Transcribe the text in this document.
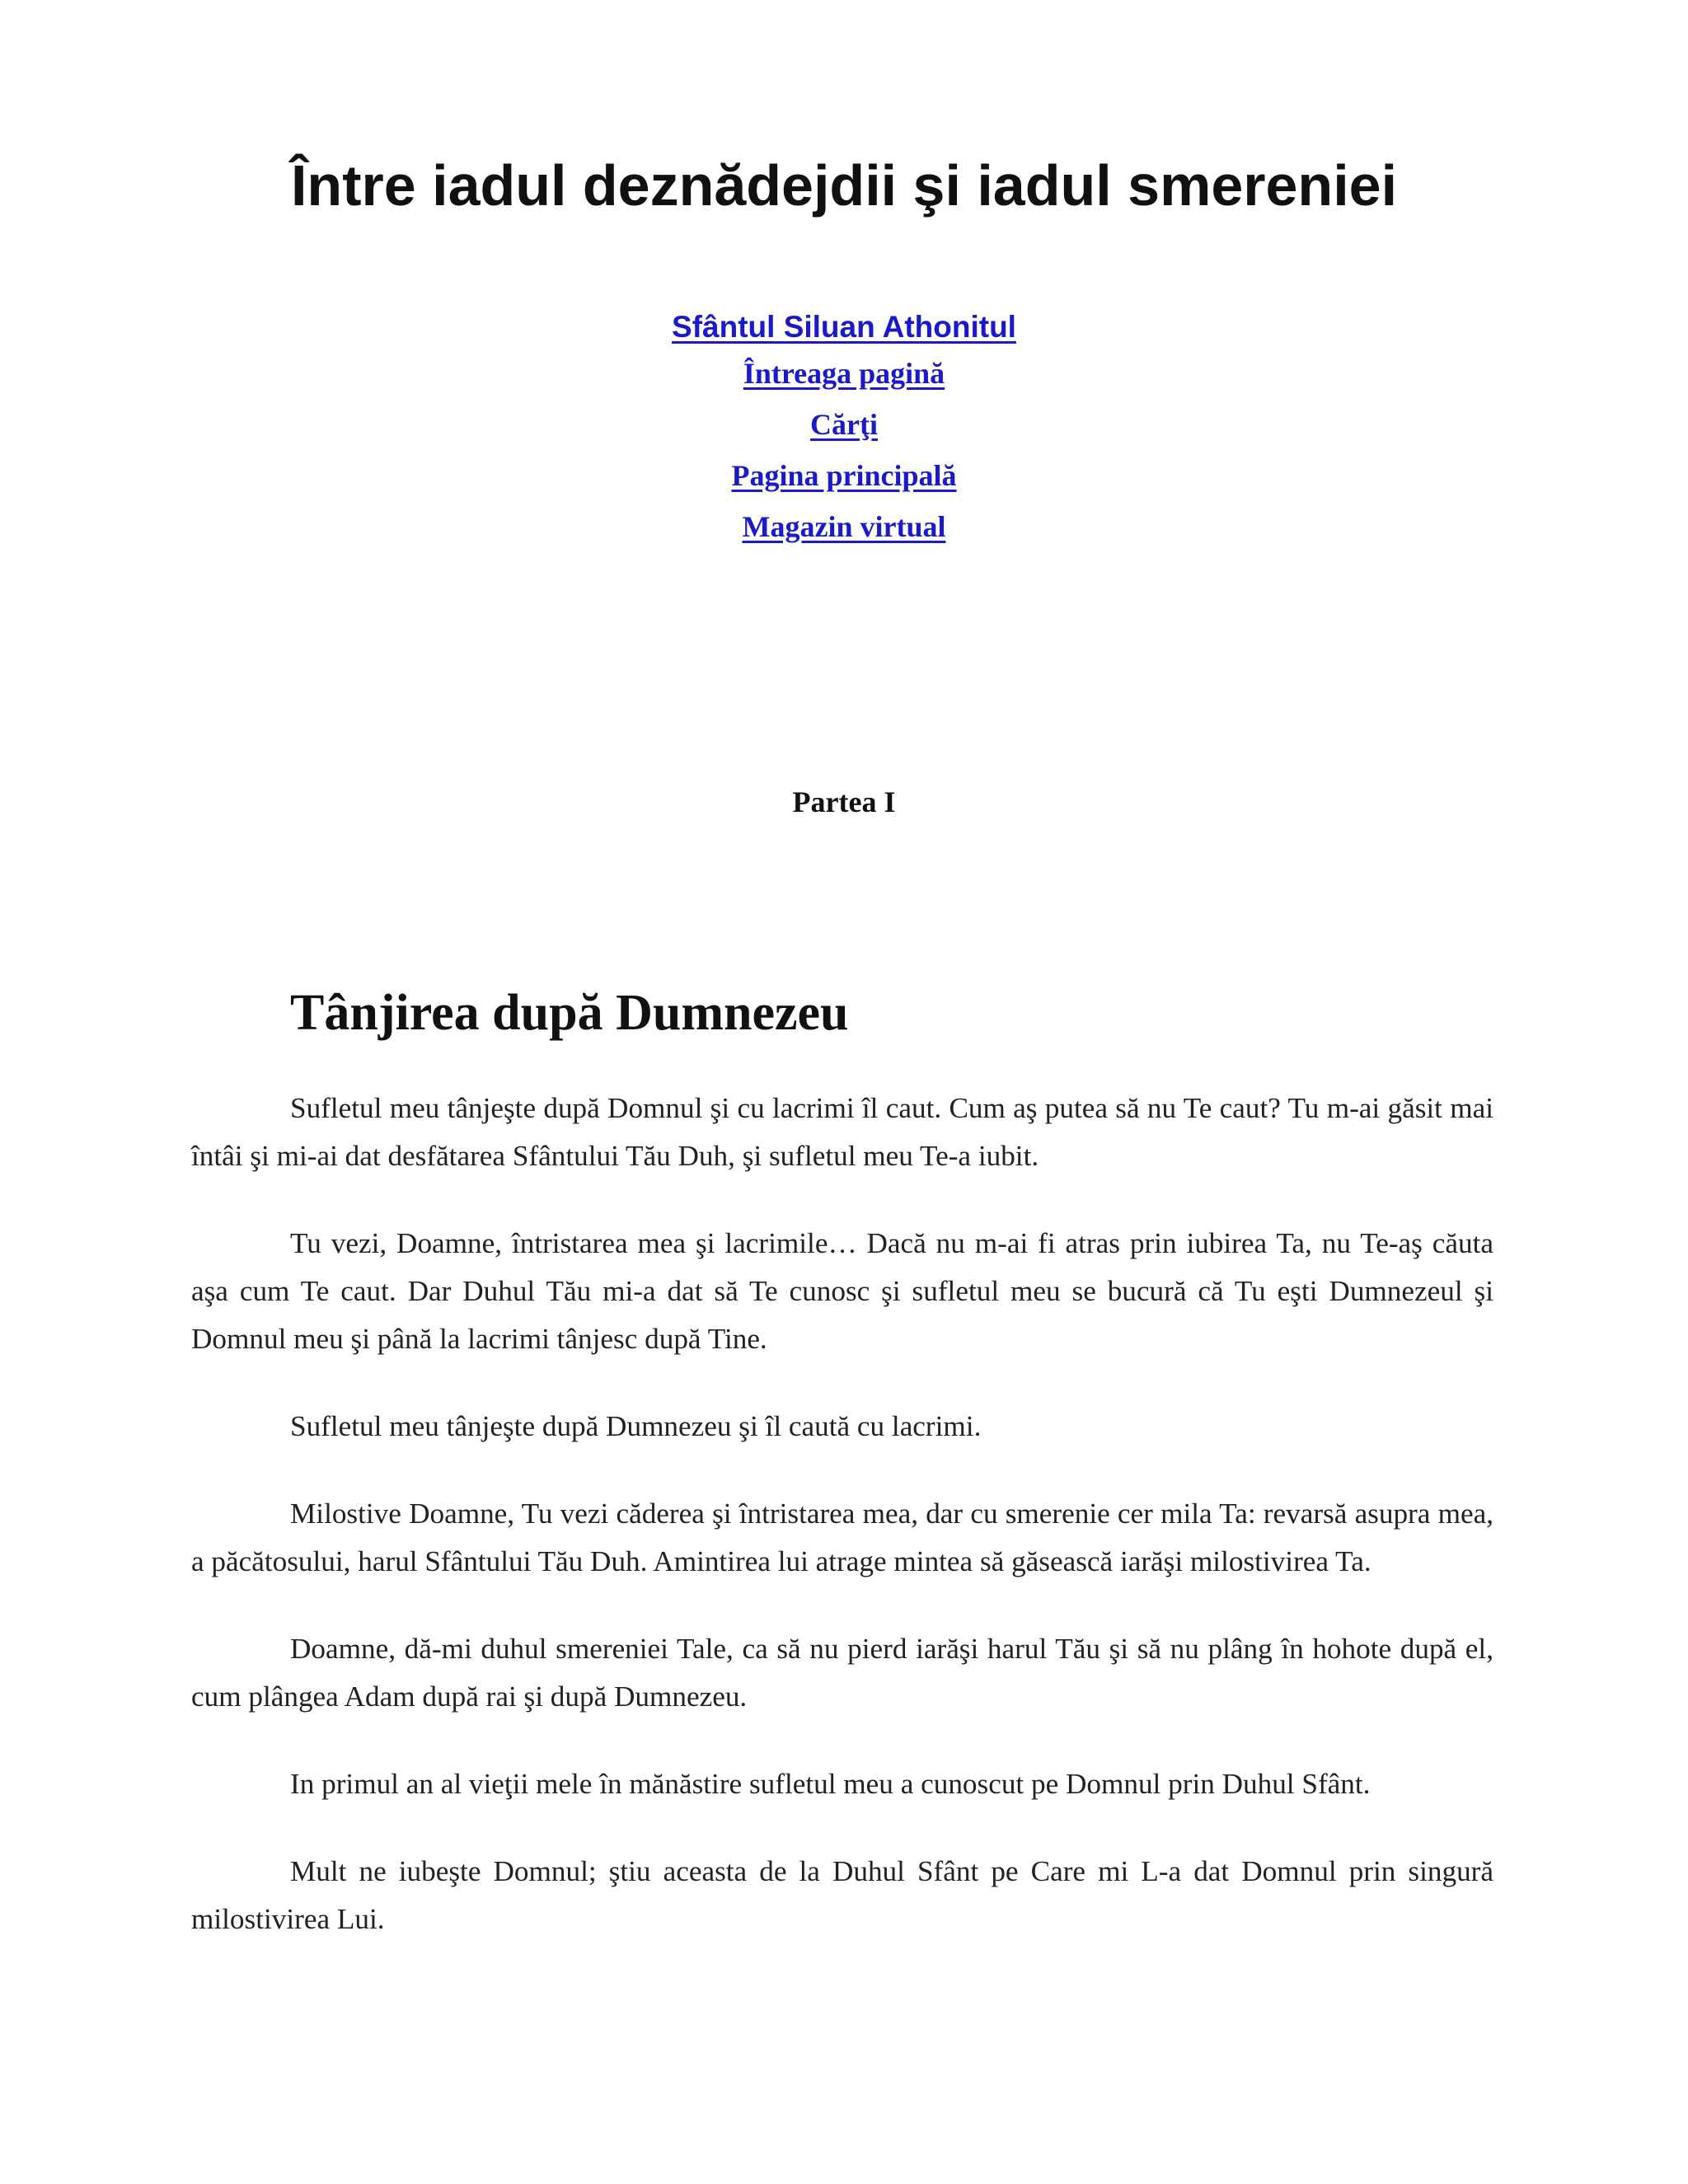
Între iadul deznădejdii şi iadul smereniei
Sfântul Siluan Athonitul
Întreaga pagină
Cărţi
Pagina principală
Magazin virtual
Partea I
Tânjirea după Dumnezeu

Sufletul meu tânjeşte după Domnul şi cu lacrimi îl caut. Cum aş putea să nu Te caut? Tu m-ai găsit mai întâi şi mi-ai dat desfătarea Sfântului Tău Duh, şi sufletul meu Te-a iubit.

Tu vezi, Doamne, întristarea mea şi lacrimile… Dacă nu m-ai fi atras prin iubirea Ta, nu Te-aş căuta aşa cum Te caut. Dar Duhul Tău mi-a dat să Te cunosc şi sufletul meu se bucură că Tu eşti Dumnezeul şi Domnul meu şi până la lacrimi tânjesc după Tine.

Sufletul meu tânjeşte după Dumnezeu şi îl caută cu lacrimi.

Milostive Doamne, Tu vezi căderea şi întristarea mea, dar cu smerenie cer mila Ta: revarsă asupra mea, a păcătosului, harul Sfântului Tău Duh. Amintirea lui atrage mintea să găsească iarăşi milostivirea Ta.

Doamne, dă-mi duhul smereniei Tale, ca să nu pierd iarăşi harul Tău şi să nu plâng în hohote după el, cum plângea Adam după rai şi după Dumnezeu.

In primul an al vieţii mele în mănăstire sufletul meu a cunoscut pe Domnul prin Duhul Sfânt.

Mult ne iubeşte Domnul; ştiu aceasta de la Duhul Sfânt pe Care mi L-a dat Domnul prin singură milostivirea Lui.
